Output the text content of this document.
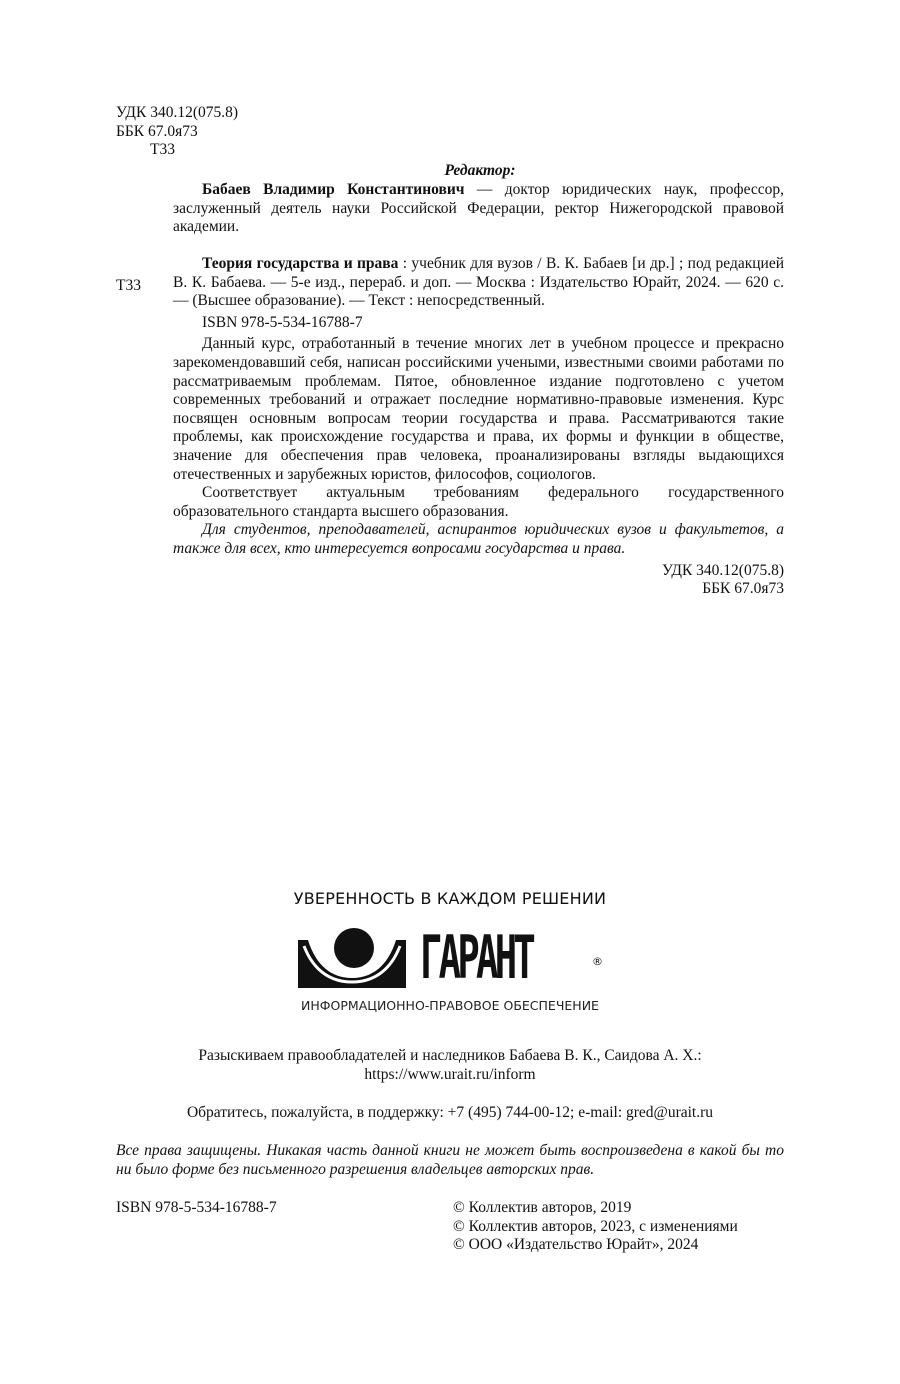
УДК 340.12(075.8)
ББК 67.0я73
Т33
Редактор:

Бабаев Владимир Константинович — доктор юридических наук, профессор, заслуженный деятель науки Российской Федерации, ректор Нижегородской правовой академии.

Т33

Теория государства и права : учебник для вузов / В. К. Бабаев [и др.] ; под редакцией В. К. Бабаева. — 5-е изд., перераб. и доп. — Москва : Издательство Юрайт, 2024. — 620 с. — (Высшее образование). — Текст : непосредственный.

ISBN 978-5-534-16788-7

Данный курс, отработанный в течение многих лет в учебном процессе и прекрасно зарекомендовавший себя, написан российскими учеными, известными своими работами по рассматриваемым проблемам. Пятое, обновленное издание подготовлено с учетом современных требований и отражает последние нормативно-правовые изменения. Курс посвящен основным вопросам теории государства и права. Рассматриваются такие проблемы, как происхождение государства и права, их формы и функции в обществе, значение для обеспечения прав человека, проанализированы взгляды выдающихся отечественных и зарубежных юристов, философов, социологов.

Соответствует актуальным требованиям федерального государственного образовательного стандарта высшего образования.

Для студентов, преподавателей, аспирантов юридических вузов и факультетов, а также для всех, кто интересуется вопросами государства и права.

УДК 340.12(075.8)

ББК 67.0я73

УВЕРЕННОСТЬ В КАЖДОМ РЕШЕНИИ
ГАРАНТ	®
ИНФОРМАЦИОННО-ПРАВОВОЕ ОБЕСПЕЧЕНИЕ
Разыскиваем правообладателей и наследников Бабаева В. К., Саидова А. Х.:
https://www.urait.ru/inform
Обратитесь, пожалуйста, в поддержку: +7 (495) 744-00-12; e-mail: gred@urait.ru
Все права защищены. Никакая часть данной книги не может быть воспроизведена в какой бы то ни было форме без письменного разрешения владельцев авторских прав.
ISBN 978-5-534-16788-7	© Коллектив авторов, 2019
© Коллектив авторов, 2023, с изменениями
© ООО «Издательство Юрайт», 2024
